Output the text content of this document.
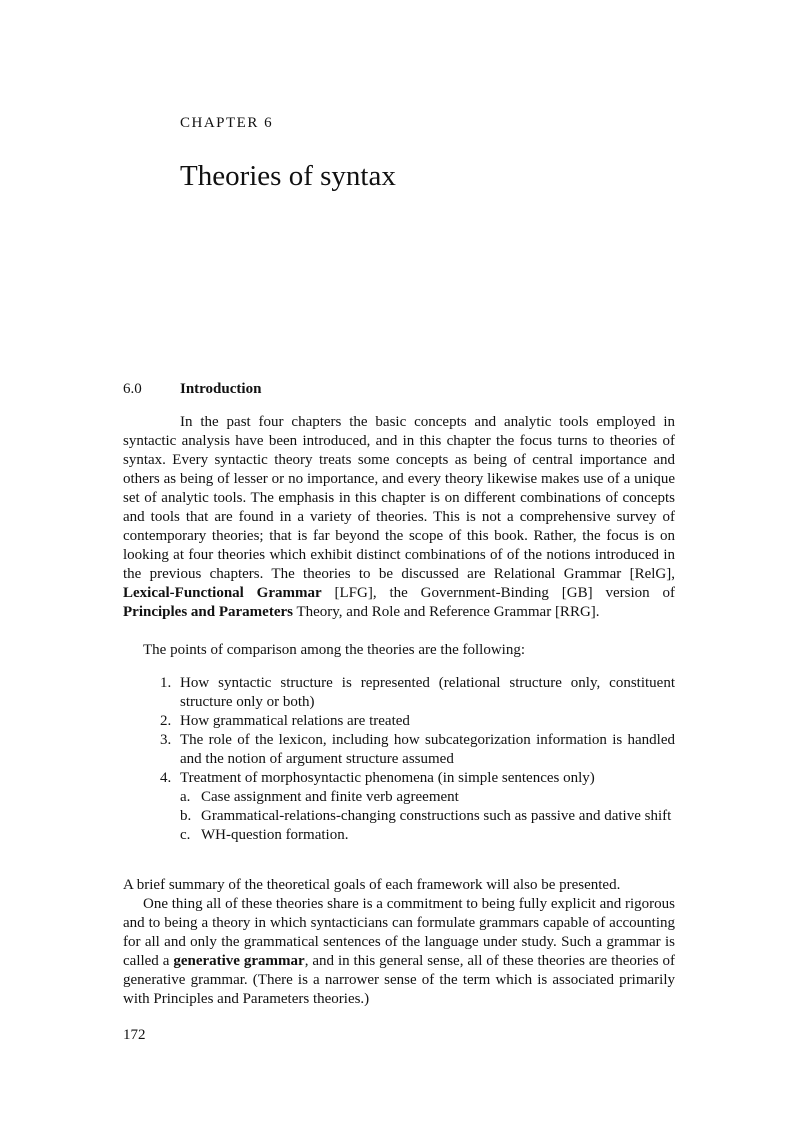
CHAPTER 6
Theories of syntax
6.0	Introduction

In the past four chapters the basic concepts and analytic tools employed in syntactic analysis have been introduced, and in this chapter the focus turns to theories of syntax. Every syntactic theory treats some concepts as being of central importance and others as being of lesser or no importance, and every theory likewise makes use of a unique set of analytic tools. The emphasis in this chapter is on different combinations of concepts and tools that are found in a variety of theories. This is not a comprehensive survey of contemporary theories; that is far beyond the scope of this book. Rather, the focus is on looking at four theories which exhibit distinct combinations of of the notions introduced in the previous chapters. The theories to be discussed are Relational Grammar [RelG], Lexical-Functional Grammar [LFG], the Government-Binding [GB] version of Principles and Parameters Theory, and Role and Reference Grammar [RRG].

The points of comparison among the theories are the following:

1. How syntactic structure is represented (relational structure only, constituent structure only or both)
2. How grammatical relations are treated
3. The role of the lexicon, including how subcategorization information is handled and the notion of argument structure assumed
4. Treatment of morphosyntactic phenomena (in simple sentences only)
a. Case assignment and finite verb agreement
b. Grammatical-relations-changing constructions such as passive and dative shift
c. WH-question formation.

A brief summary of the theoretical goals of each framework will also be presented.

One thing all of these theories share is a commitment to being fully explicit and rigorous and to being a theory in which syntacticians can formulate grammars capable of accounting for all and only the grammatical sentences of the language under study. Such a grammar is called a generative grammar, and in this general sense, all of these theories are theories of generative grammar. (There is a narrower sense of the term which is associated primarily with Principles and Parameters theories.)

172
